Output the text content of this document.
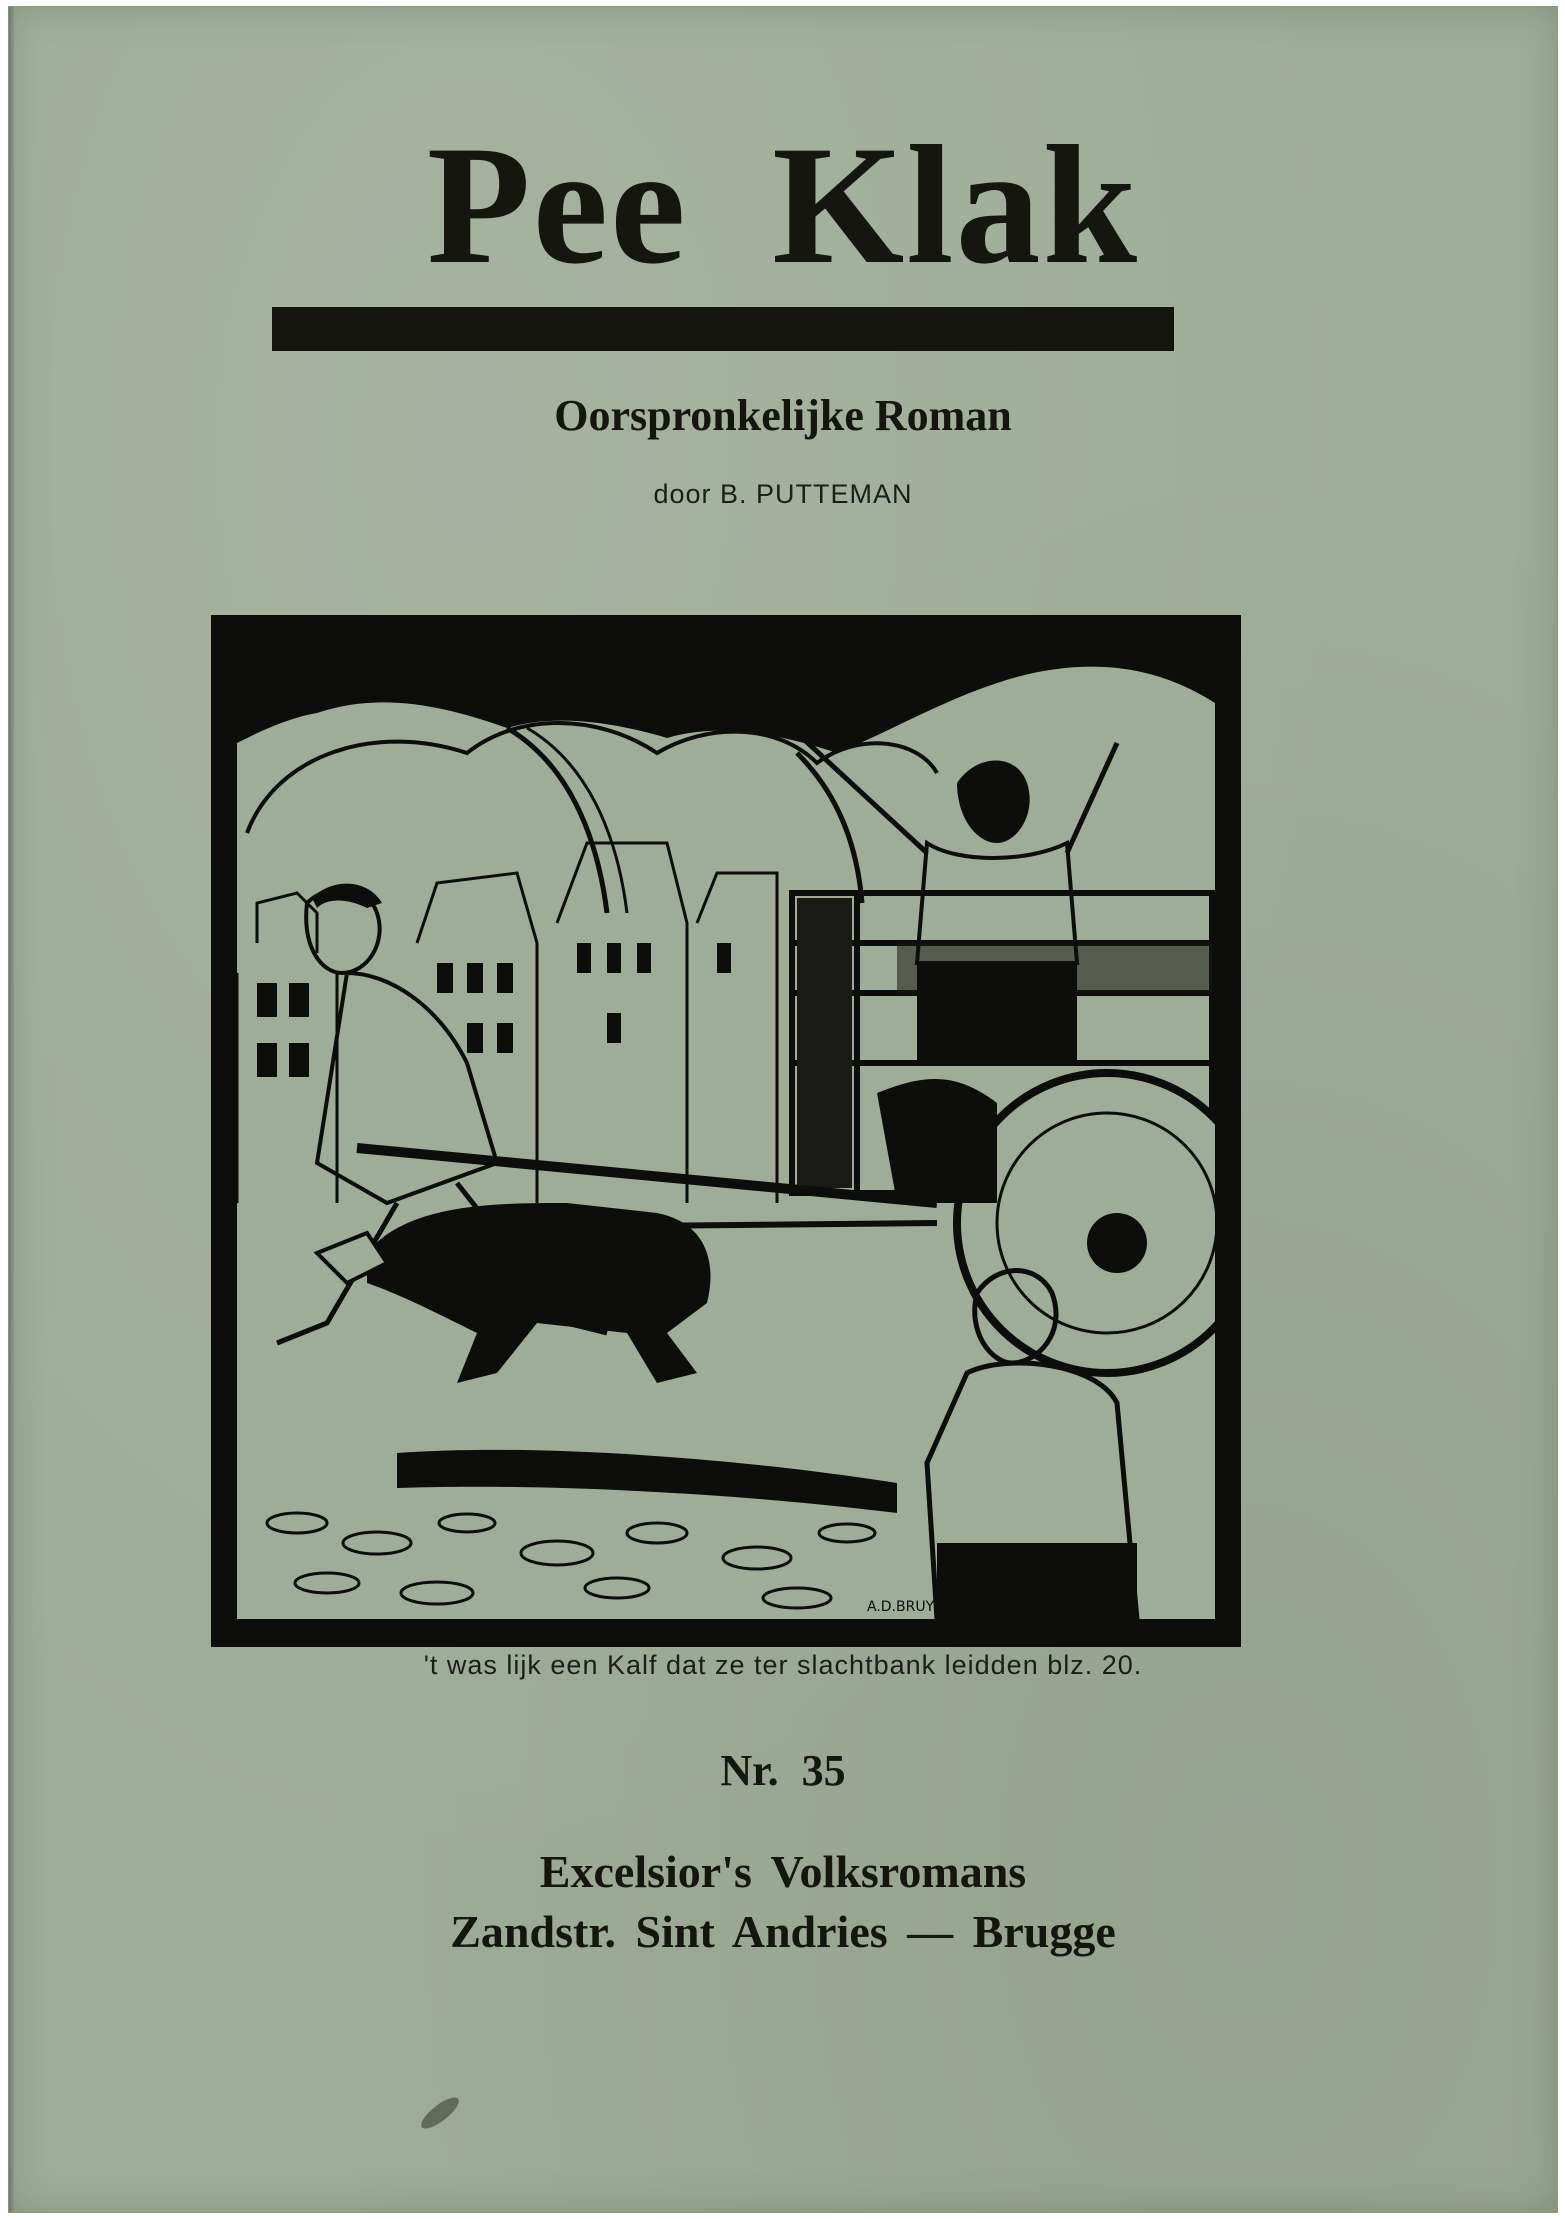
Pee Klak
Oorspronkelijke Roman
door B. PUTTEMAN
Bè-è-è
A.D.BRUYNE
't was lijk een Kalf dat ze ter slachtbank leidden blz. 20.
Nr. 35
Excelsior's Volksromans
Zandstr. Sint Andries — Brugge
